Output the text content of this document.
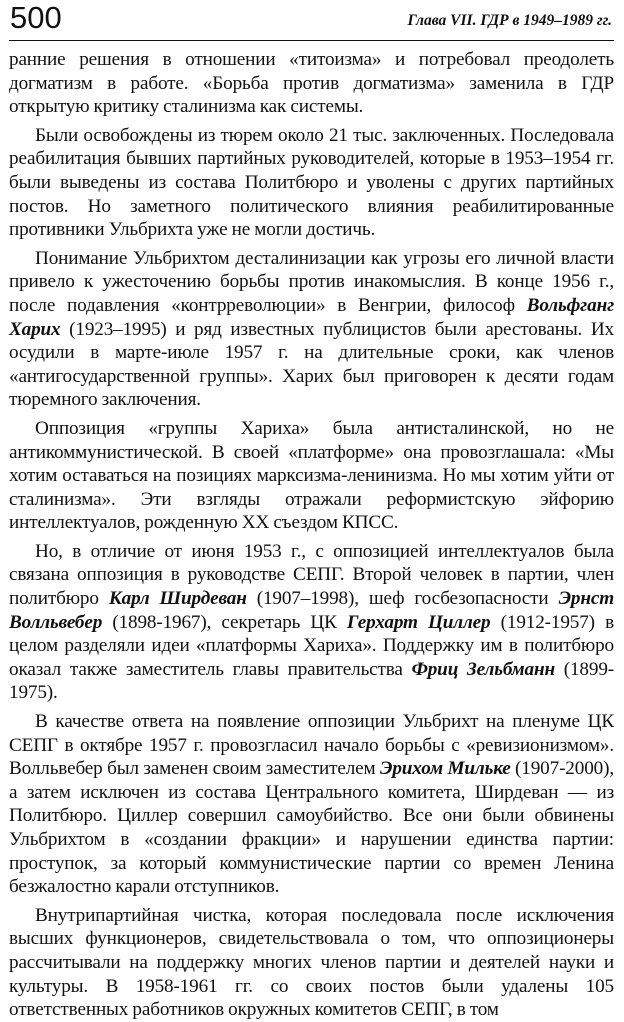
500	Глава VII. ГДР в 1949–1989 гг.

ранние решения в отношении «титоизма» и потребовал преодолеть догматизм в работе. «Борьба против догматизма» заменила в ГДР открытую критику сталинизма как системы.

Были освобождены из тюрем около 21 тыс. заключенных. Последовала реабилитация бывших партийных руководителей, которые в 1953–1954 гг. были выведены из состава Политбюро и уволены с других партийных постов. Но заметного политического влияния реабилитированные противники Ульбрихта уже не могли достичь.

Понимание Ульбрихтом десталинизации как угрозы его личной власти привело к ужесточению борьбы против инакомыслия. В конце 1956 г., после подавления «контрреволюции» в Венгрии, философ Вольфганг Харих (1923–1995) и ряд известных публицистов были арестованы. Их осудили в марте-июле 1957 г. на длительные сроки, как членов «антигосударственной группы». Харих был приговорен к десяти годам тюремного заключения.

Оппозиция «группы Хариха» была антисталинской, но не антикоммунистической. В своей «платформе» она провозглашала: «Мы хотим оставаться на позициях марксизма-ленинизма. Но мы хотим уйти от сталинизма». Эти взгляды отражали реформистскую эйфорию интеллектуалов, рожденную XX съездом КПСС.

Но, в отличие от июня 1953 г., с оппозицией интеллектуалов была связана оппозиция в руководстве СЕПГ. Второй человек в партии, член политбюро Карл Ширдеван (1907–1998), шеф госбезопасности Эрнст Волльвебер (1898-1967), секретарь ЦК Герхарт Циллер (1912-1957) в целом разделяли идеи «платформы Хариха». Поддержку им в политбюро оказал также заместитель главы правительства Фриц Зельбманн (1899-1975).

В качестве ответа на появление оппозиции Ульбрихт на пленуме ЦК СЕПГ в октябре 1957 г. провозгласил начало борьбы с «ревизионизмом». Волльвебер был заменен своим заместителем Эрихом Мильке (1907-2000), а затем исключен из состава Центрального комитета, Ширдеван — из Политбюро. Циллер совершил самоубийство. Все они были обвинены Ульбрихтом в «создании фракции» и нарушении единства партии: проступок, за который коммунистические партии со времен Ленина безжалостно карали отступников.

Внутрипартийная чистка, которая последовала после исключения высших функционеров, свидетельствовала о том, что оппозиционеры рассчитывали на поддержку многих членов партии и деятелей науки и культуры. В 1958-1961 гг. со своих постов были удалены 105 ответственных работников окружных комитетов СЕПГ, в том
